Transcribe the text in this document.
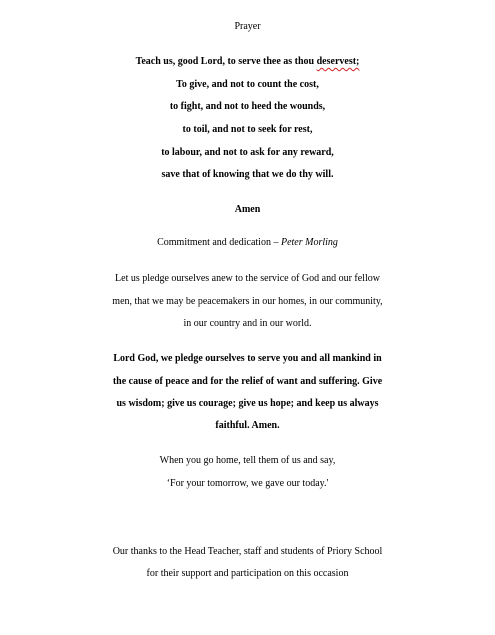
Prayer
Teach us, good Lord, to serve thee as thou deservest;
To give, and not to count the cost,
to fight, and not to heed the wounds,
to toil, and not to seek for rest,
to labour, and not to ask for any reward,
save that of knowing that we do thy will.
Amen
Commitment and dedication – Peter Morling
Let us pledge ourselves anew to the service of God and our fellow
men, that we may be peacemakers in our homes, in our community,
in our country and in our world.
Lord God, we pledge ourselves to serve you and all mankind in
the cause of peace and for the relief of want and suffering. Give
us wisdom; give us courage; give us hope; and keep us always
faithful. Amen.
When you go home, tell them of us and say,
‘For your tomorrow, we gave our today.'
Our thanks to the Head Teacher, staff and students of Priory School
for their support and participation on this occasion
